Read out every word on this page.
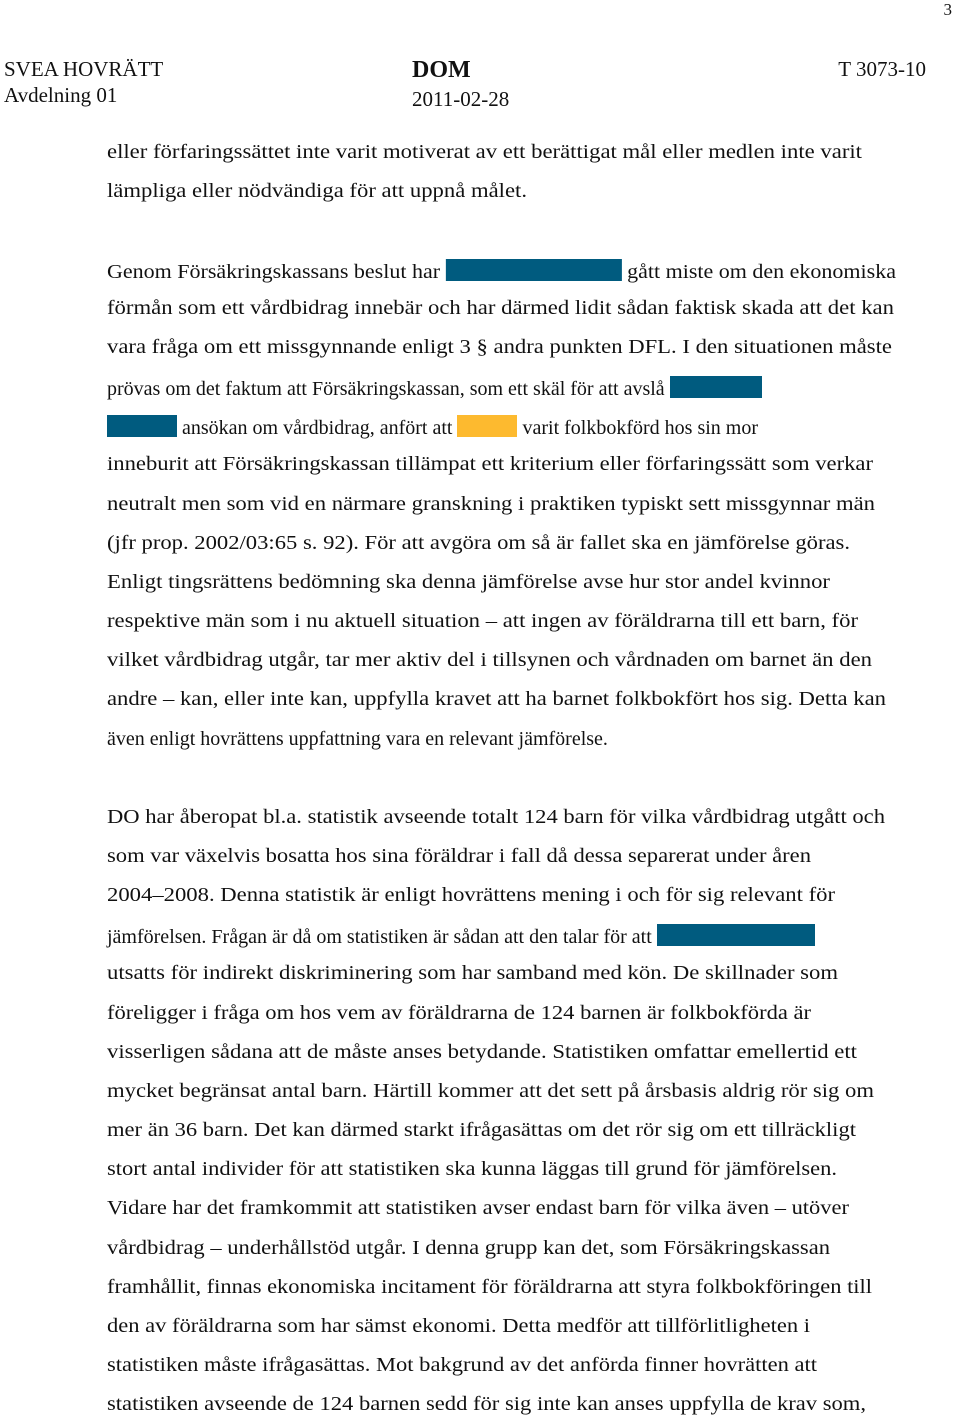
3
SVEA HOVRÄTT
Avdelning 01
DOM
2011-02-28
T 3073-10
eller förfaringssättet inte varit motiverat av ett berättigat mål eller medlen inte varit
lämpliga eller nödvändiga för att uppnå målet.
Genom Försäkringskassans beslut har	gått miste om den ekonomiska
förmån som ett vårdbidrag innebär och har därmed lidit sådan faktisk skada att det kan
vara fråga om ett missgynnande enligt 3 § andra punkten DFL. I den situationen måste
prövas om det faktum att Försäkringskassan, som ett skäl för att avslå
ansökan om vårdbidrag, anfört att	varit folkbokförd hos sin mor
inneburit att Försäkringskassan tillämpat ett kriterium eller förfaringssätt som verkar
neutralt men som vid en närmare granskning i praktiken typiskt sett missgynnar män
(jfr prop. 2002/03:65 s. 92). För att avgöra om så är fallet ska en jämförelse göras.
Enligt tingsrättens bedömning ska denna jämförelse avse hur stor andel kvinnor
respektive män som i nu aktuell situation – att ingen av föräldrarna till ett barn, för
vilket vårdbidrag utgår, tar mer aktiv del i tillsynen och vårdnaden om barnet än den
andre – kan, eller inte kan, uppfylla kravet att ha barnet folkbokfört hos sig. Detta kan
även enligt hovrättens uppfattning vara en relevant jämförelse.
DO har åberopat bl.a. statistik avseende totalt 124 barn för vilka vårdbidrag utgått och
som var växelvis bosatta hos sina föräldrar i fall då dessa separerat under åren
2004–2008. Denna statistik är enligt hovrättens mening i och för sig relevant för
jämförelsen. Frågan är då om statistiken är sådan att den talar för att
utsatts för indirekt diskriminering som har samband med kön. De skillnader som
föreligger i fråga om hos vem av föräldrarna de 124 barnen är folkbokförda är
visserligen sådana att de måste anses betydande. Statistiken omfattar emellertid ett
mycket begränsat antal barn. Härtill kommer att det sett på årsbasis aldrig rör sig om
mer än 36 barn. Det kan därmed starkt ifrågasättas om det rör sig om ett tillräckligt
stort antal individer för att statistiken ska kunna läggas till grund för jämförelsen.
Vidare har det framkommit att statistiken avser endast barn för vilka även – utöver
vårdbidrag – underhållstöd utgår. I denna grupp kan det, som Försäkringskassan
framhållit, finnas ekonomiska incitament för föräldrarna att styra folkbokföringen till
den av föräldrarna som har sämst ekonomi. Detta medför att tillförlitligheten i
statistiken måste ifrågasättas. Mot bakgrund av det anförda finner hovrätten att
statistiken avseende de 124 barnen sedd för sig inte kan anses uppfylla de krav som,
